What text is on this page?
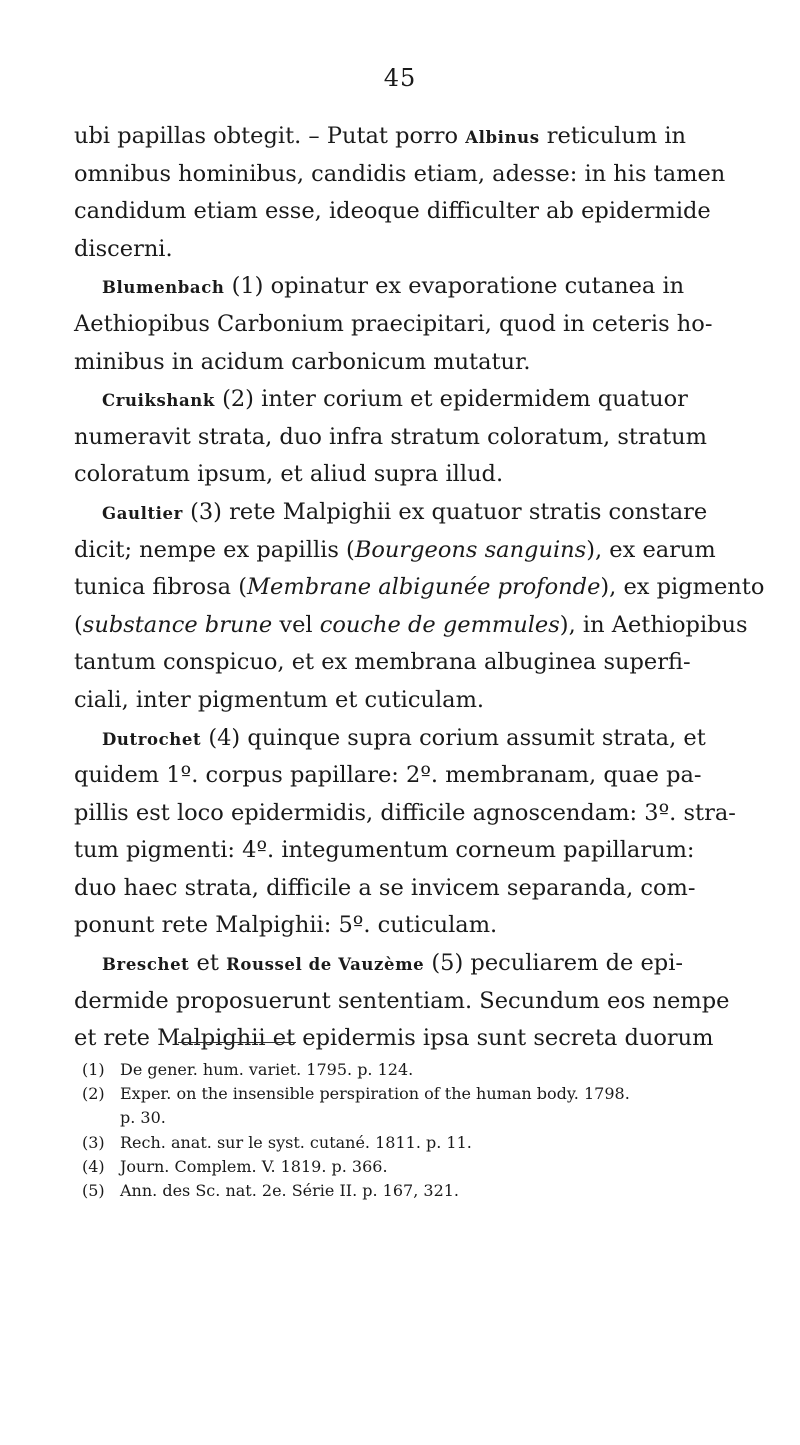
45
ubi papillas obtegit. – Putat porro Albinus reticulum in
omnibus hominibus, candidis etiam, adesse: in his tamen
candidum etiam esse, ideoque difficulter ab epidermide
discerni.
Blumenbach (1) opinatur ex evaporatione cutanea in
Aethiopibus Carbonium praecipitari, quod in ceteris ho-
minibus in acidum carbonicum mutatur.
Cruikshank (2) inter corium et epidermidem quatuor
numeravit strata, duo infra stratum coloratum, stratum
coloratum ipsum, et aliud supra illud.
Gaultier (3) rete Malpighii ex quatuor stratis constare
dicit; nempe ex papillis (Bourgeons sanguins), ex earum
tunica fibrosa (Membrane albigunée profonde), ex pigmento
(substance brune vel couche de gemmules), in Aethiopibus
tantum conspicuo, et ex membrana albuginea superfi-
ciali, inter pigmentum et cuticulam.
Dutrochet (4) quinque supra corium assumit strata, et
quidem 1º. corpus papillare: 2º. membranam, quae pa-
pillis est loco epidermidis, difficile agnoscendam: 3º. stra-
tum pigmenti: 4º. integumentum corneum papillarum:
duo haec strata, difficile a se invicem separanda, com-
ponunt rete Malpighii: 5º. cuticulam.
Breschet et Roussel de Vauzème (5) peculiarem de epi-
dermide proposuerunt sententiam. Secundum eos nempe
et rete Malpighii et epidermis ipsa sunt secreta duorum
(1) De gener. hum. variet. 1795. p. 124.
(2) Exper. on the insensible perspiration of the human body. 1798.
p. 30.
(3) Rech. anat. sur le syst. cutané. 1811. p. 11.
(4) Journ. Complem. V. 1819. p. 366.
(5) Ann. des Sc. nat. 2e. Série II. p. 167, 321.
